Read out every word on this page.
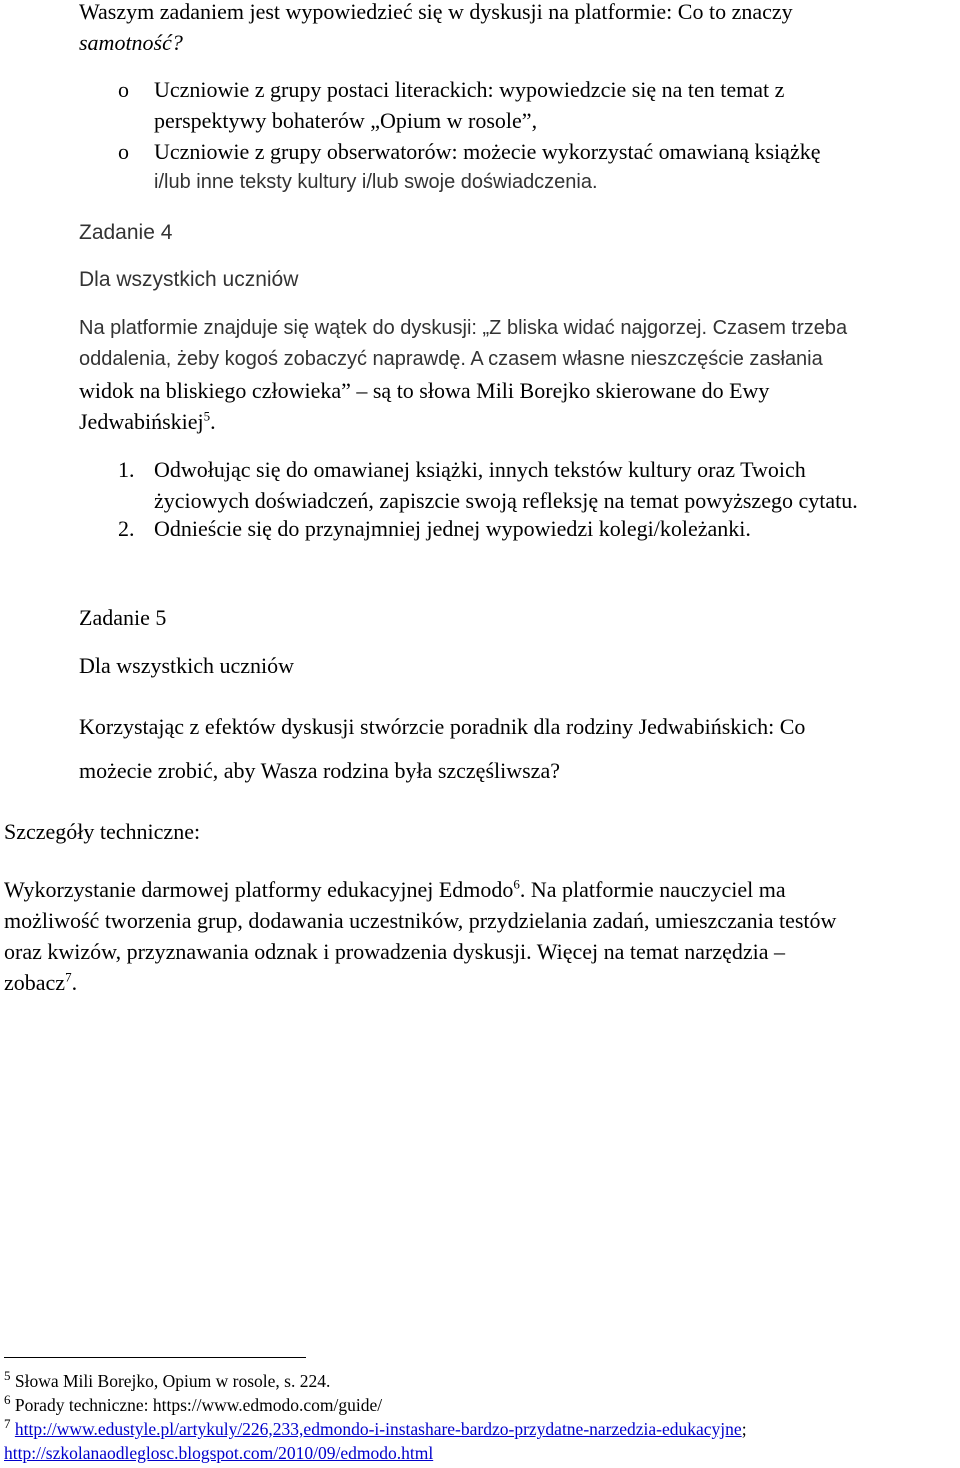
Waszym zadaniem jest wypowiedzieć się w dyskusji na platformie: Co to znaczy
samotność?
o Uczniowie z grupy postaci literackich: wypowiedzcie się na ten temat z
perspektywy bohaterów „Opium w rosole”,
o Uczniowie z grupy obserwatorów: możecie wykorzystać omawianą książkę
i/lub inne teksty kultury i/lub swoje doświadczenia.
Zadanie 4
Dla wszystkich uczniów
Na platformie znajduje się wątek do dyskusji: „Z bliska widać najgorzej. Czasem trzeba
oddalenia, żeby kogoś zobaczyć naprawdę. A czasem własne nieszczęście zasłania
widok na bliskiego człowieka” – są to słowa Mili Borejko skierowane do Ewy
Jedwabińskiej$^5$.
1. Odwołując się do omawianej książki, innych tekstów kultury oraz Twoich
życiowych doświadczeń, zapiszcie swoją refleksję na temat powyższego cytatu.
2. Odnieście się do przynajmniej jednej wypowiedzi kolegi/koleżanki.
Zadanie 5
Dla wszystkich uczniów
Korzystając z efektów dyskusji stwórzcie poradnik dla rodziny Jedwabińskich: Co
możecie zrobić, aby Wasza rodzina była szczęśliwsza?
Szczegóły techniczne:
Wykorzystanie darmowej platformy edukacyjnej Edmodo$^6$. Na platformie nauczyciel ma
możliwość tworzenia grup, dodawania uczestników, przydzielania zadań, umieszczania testów
oraz kwizów, przyznawania odznak i prowadzenia dyskusji. Więcej na temat narzędzia –
zobacz$^7$.
$^5$ Słowa Mili Borejko, Opium w rosole, s. 224.
$^6$ Porady techniczne: https://www.edmodo.com/guide/
$^7$ http://www.edustyle.pl/artykuly/226,233,edmondo-i-instashare-bardzo-przydatne-narzedzia-edukacyjne;
http://szkolanaodleglosc.blogspot.com/2010/09/edmodo.html
